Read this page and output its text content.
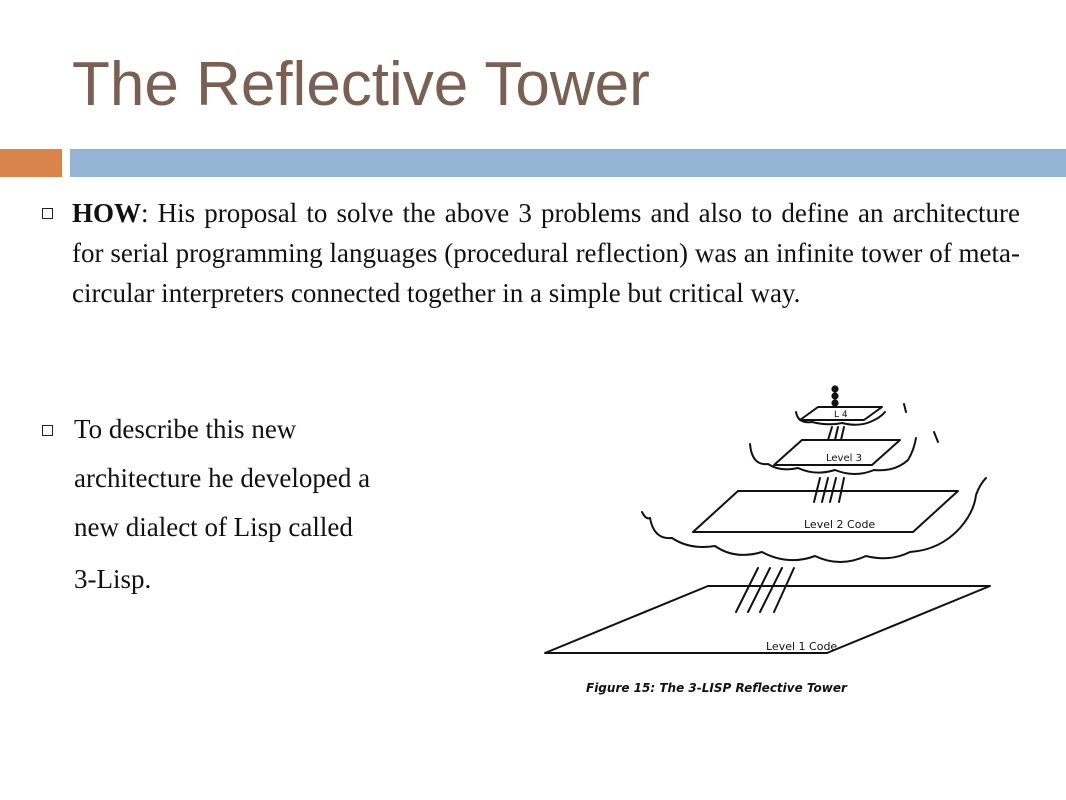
The Reflective Tower

HOW: His proposal to solve the above 3 problems and also to define an architecture for serial programming languages (procedural reflection) was an infinite tower of meta-circular interpreters connected together in a simple but critical way.

To describe this new

architecture he developed a

new dialect of Lisp called

3-Lisp.

L 4
Level 3
Level 2 Code
Level 1 Code
Figure 15: The 3-LISP Reflective Tower
